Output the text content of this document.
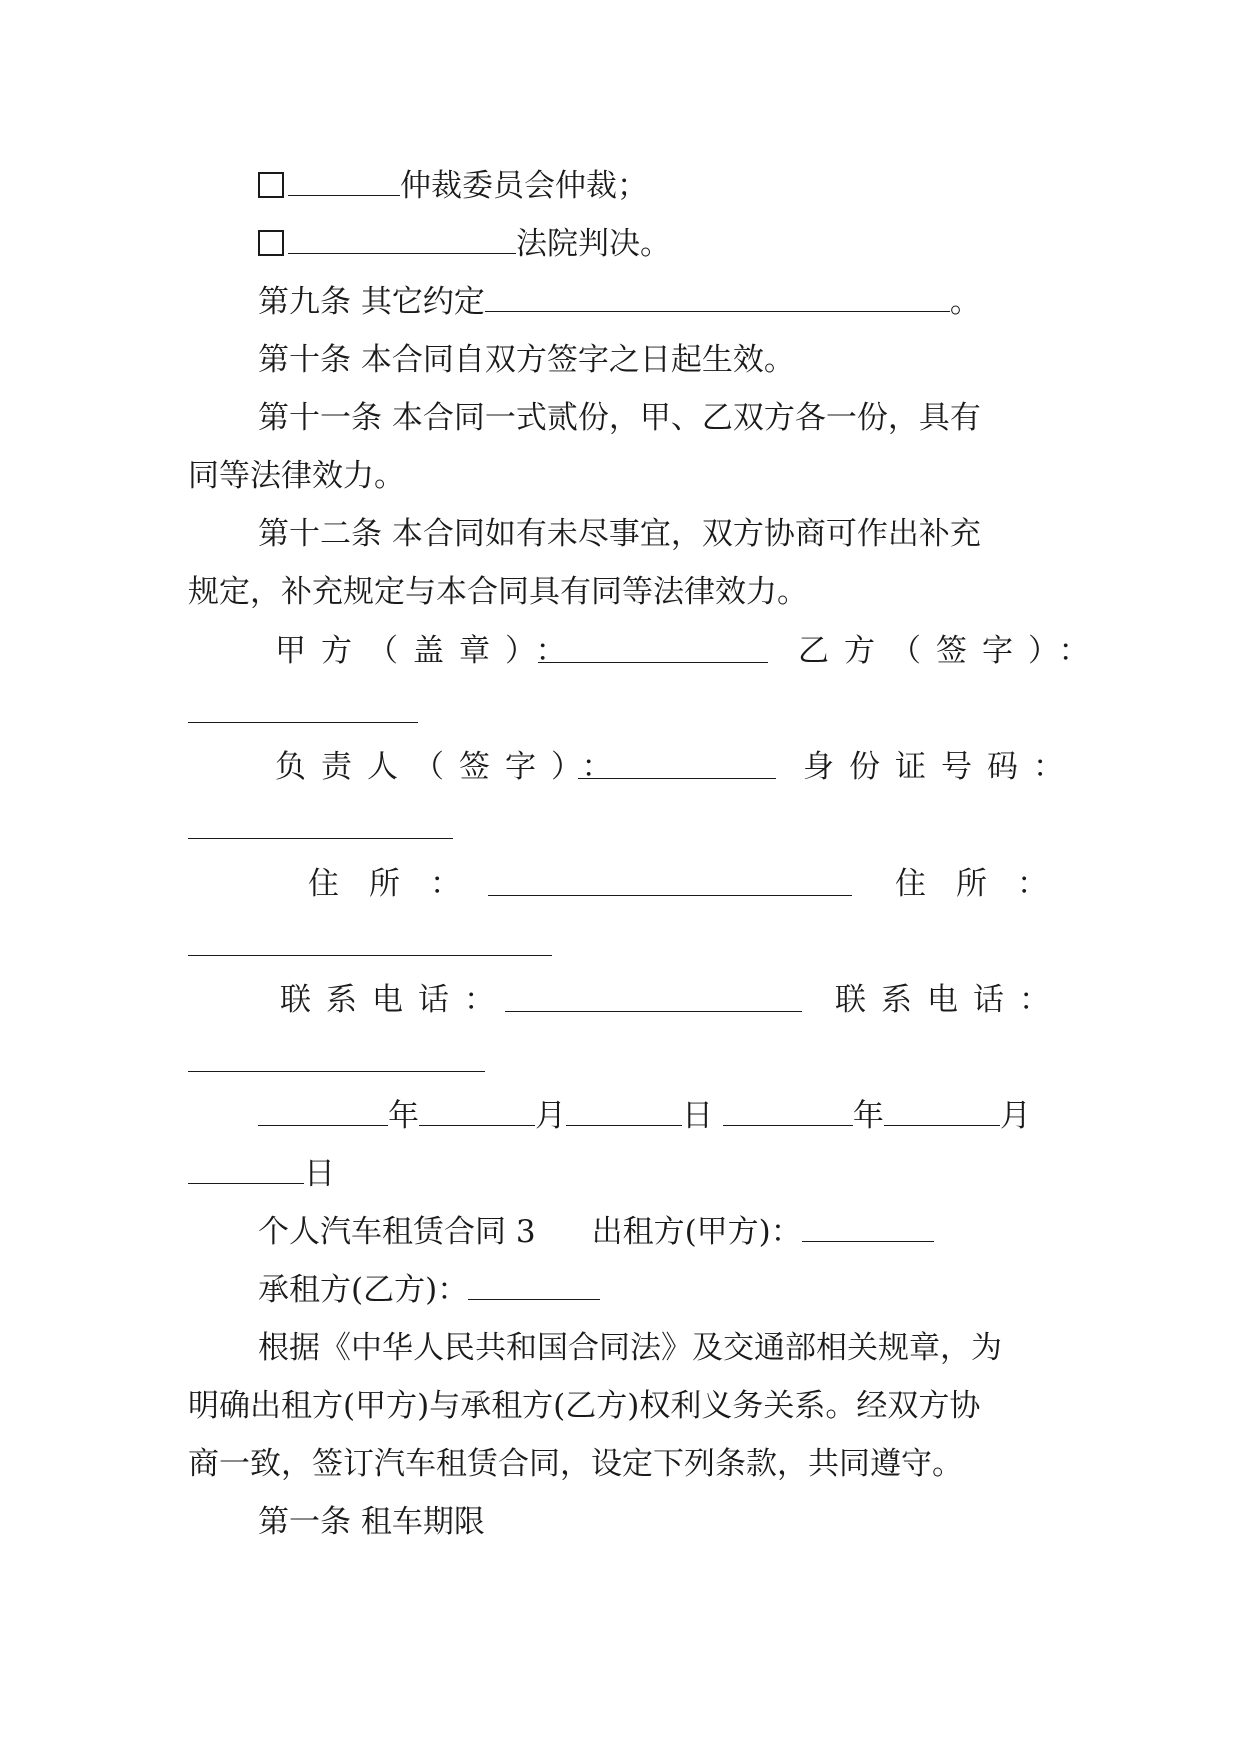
仲裁委员会仲裁；
法院判决。
第九条 其它约定	。
第十条 本合同自双方签字之日起生效。
第十一条 本合同一式贰份，甲、乙双方各一份，具有
同等法律效力。
第十二条 本合同如有未尽事宜，双方协商可作出补充
规定，补充规定与本合同具有同等法律效力。
甲方（盖章）：	乙方（签字）：
负责人（签字）：	身份证号码：
住所：	住所：
联系电话：	联系电话：
年	月	日	年	月
日
个人汽车租赁合同 3 出租方(甲方)：
承租方(乙方)：
根据《中华人民共和国合同法》及交通部相关规章，为
明确出租方(甲方)与承租方(乙方)权利义务关系。经双方协
商一致，签订汽车租赁合同，设定下列条款，共同遵守。
第一条 租车期限
